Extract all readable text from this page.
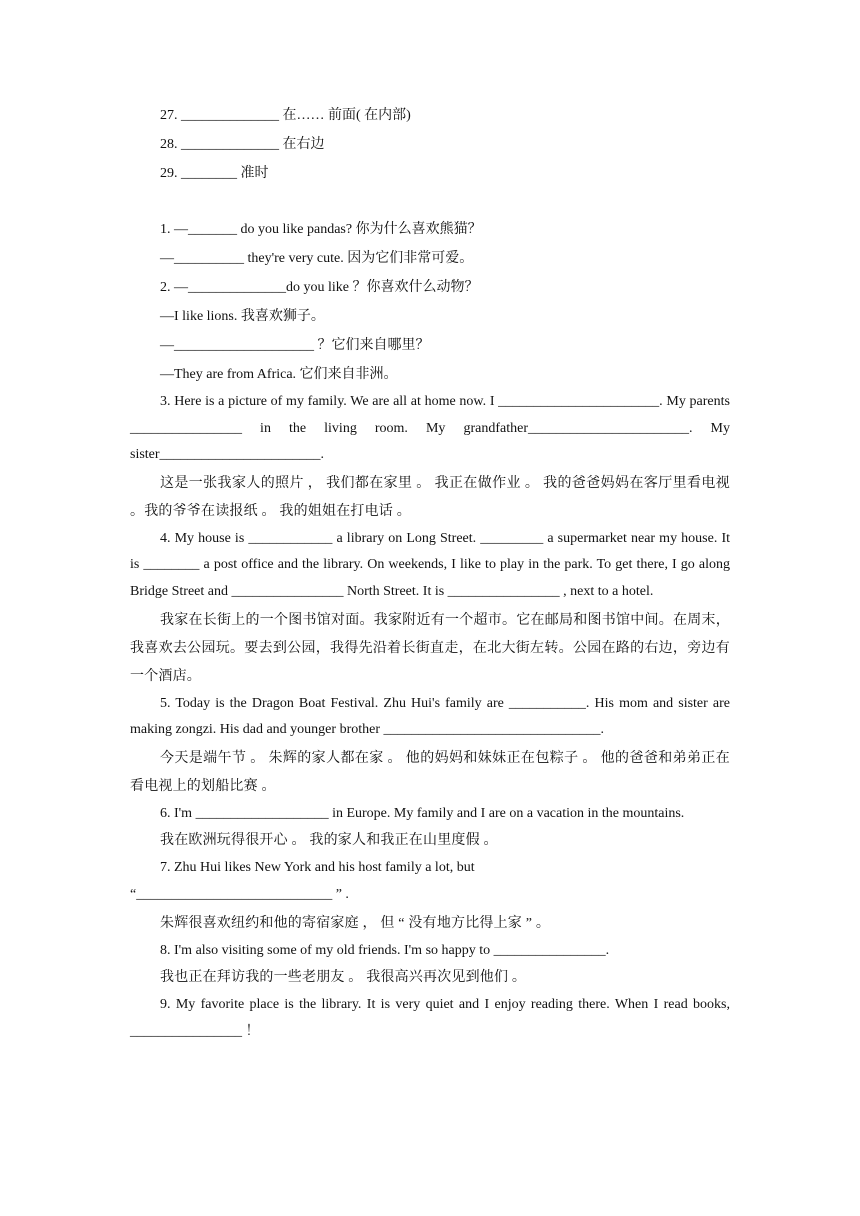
27. ______________ 在…… 前面( 在内部)
28. ______________ 在右边
29. ________ 准时
1. —_______ do you like pandas? 你为什么喜欢熊猫？
—__________ they're very cute. 因为它们非常可爱。
2. —______________do you like ？你喜欢什么动物？
—I like lions. 我喜欢狮子。
—____________________ ？它们来自哪里？
—They are from Africa. 它们来自非洲。
3. Here is a picture of my family. We are all at home now. I _______________________. My parents ________________ in the living room. My grandfather_______________________. My sister_______________________.
这是一张我家人的照片 ， 我们都在家里 。 我正在做作业 。 我的爸爸妈妈在客厅里看电视 。我的爷爷在读报纸 。 我的姐姐在打电话 。
4. My house is ____________ a library on Long Street. _________ a supermarket near my house. It is ________ a post office and the library. On weekends, I like to play in the park. To get there, I go along Bridge Street and ________________ North Street. It is ________________ , next to a hotel.
我家在长街上的一个图书馆对面。我家附近有一个超市。它在邮局和图书馆中间。在周末，我喜欢去公园玩。要去到公园，我得先沿着长街直走，在北大街左转。公园在路的右边，旁边有一个酒店。
5. Today is the Dragon Boat Festival. Zhu Hui's family are ___________. His mom and sister are making zongzi. His dad and younger brother _______________________________.
今天是端午节 。 朱辉的家人都在家 。 他的妈妈和妹妹正在包粽子 。 他的爸爸和弟弟正在看电视上的划船比赛 。
6. I'm ___________________ in Europe. My family and I are on a vacation in the mountains.
我在欧洲玩得很开心 。 我的家人和我正在山里度假 。
7. Zhu Hui likes New York and his host family a lot, but
“____________________________ ” .
朱辉很喜欢纽约和他的寄宿家庭 ， 但 “ 没有地方比得上家 ” 。
8. I'm also visiting some of my old friends. I'm so happy to ________________.
我也正在拜访我的一些老朋友 。 我很高兴再次见到他们 。
9. My favorite place is the library. It is very quiet and I enjoy reading there. When I read books, ________________ ！
